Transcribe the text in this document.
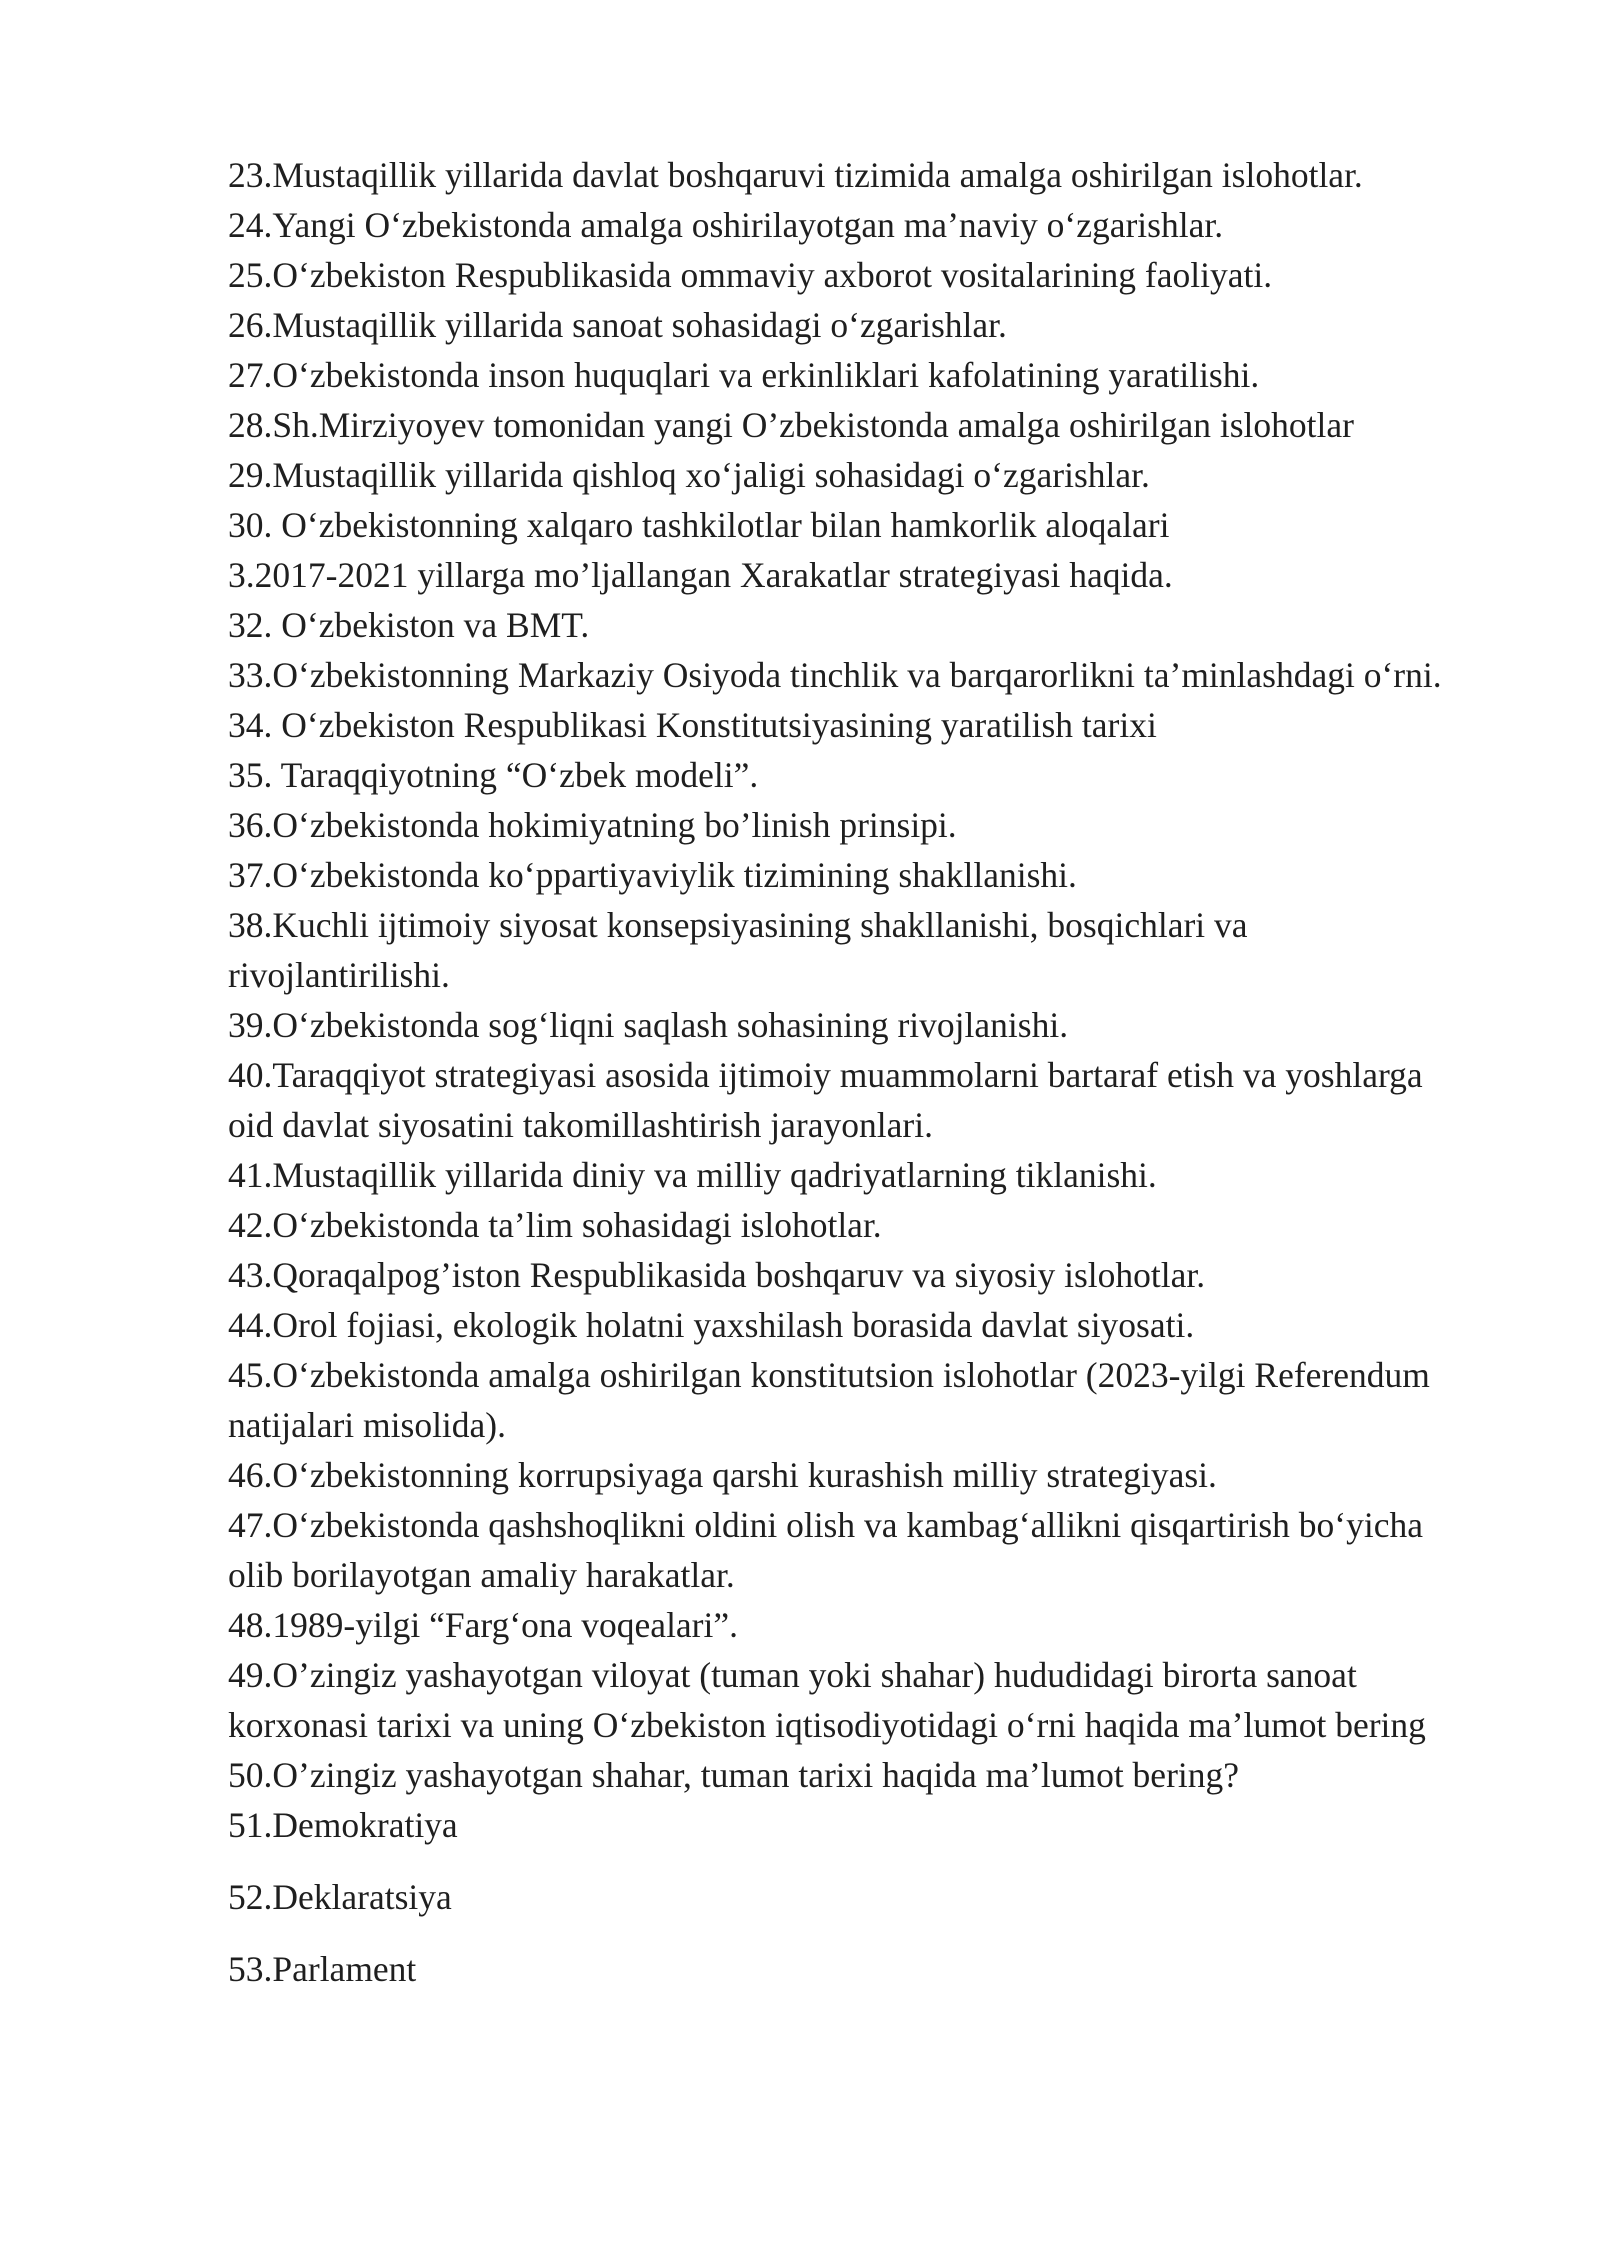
23.Mustaqillik yillarida davlat boshqaruvi tizimida amalga oshirilgan islohotlar.

24.Yangi O‘zbekistonda amalga oshirilayotgan ma’naviy o‘zgarishlar.

25.O‘zbekiston Respublikasida ommaviy axborot vositalarining faoliyati.

26.Mustaqillik yillarida sanoat sohasidagi o‘zgarishlar.

27.O‘zbekistonda inson huquqlari va erkinliklari kafolatining yaratilishi.

28.Sh.Mirziyoyev tomonidan yangi O’zbekistonda amalga oshirilgan islohotlar

29.Mustaqillik yillarida qishloq xo‘jaligi sohasidagi o‘zgarishlar.

30. O‘zbekistonning xalqaro tashkilotlar bilan hamkorlik aloqalari

3.2017-2021 yillarga mo’ljallangan Xarakatlar strategiyasi haqida.

32. O‘zbekiston va BMT.

33.O‘zbekistonning Markaziy Osiyoda tinchlik va barqarorlikni ta’minlashdagi o‘rni.

34. O‘zbekiston Respublikasi Konstitutsiyasining yaratilish tarixi

35. Taraqqiyotning “O‘zbek modeli”.

36.O‘zbekistonda hokimiyatning bo’linish prinsipi.

37.O‘zbekistonda ko‘ppartiyaviylik tizimining shakllanishi.

38.Kuchli ijtimoiy siyosat konsepsiyasining shakllanishi, bosqichlari va rivojlantirilishi.

39.O‘zbekistonda sog‘liqni saqlash sohasining rivojlanishi.

40.Taraqqiyot strategiyasi asosida ijtimoiy muammolarni bartaraf etish va yoshlarga oid davlat siyosatini takomillashtirish jarayonlari.

41.Mustaqillik yillarida diniy va milliy qadriyatlarning tiklanishi.

42.O‘zbekistonda ta’lim sohasidagi islohotlar.

43.Qoraqalpog’iston Respublikasida boshqaruv va siyosiy islohotlar.

44.Orol fojiasi, ekologik holatni yaxshilash borasida davlat siyosati.

45.O‘zbekistonda amalga oshirilgan konstitutsion islohotlar (2023-yilgi Referendum natijalari misolida).

46.O‘zbekistonning korrupsiyaga qarshi kurashish milliy strategiyasi.

47.O‘zbekistonda qashshoqlikni oldini olish va kambag‘allikni qisqartirish bo‘yicha olib borilayotgan amaliy harakatlar.

48.1989-yilgi “Farg‘ona voqealari”.

49.O’zingiz yashayotgan viloyat (tuman yoki shahar) hududidagi birorta sanoat korxonasi tarixi va uning O‘zbekiston iqtisodiyotidagi o‘rni haqida ma’lumot bering

50.O’zingiz yashayotgan shahar, tuman tarixi haqida ma’lumot bering?

51.Demokratiya

52.Deklaratsiya

53.Parlament
